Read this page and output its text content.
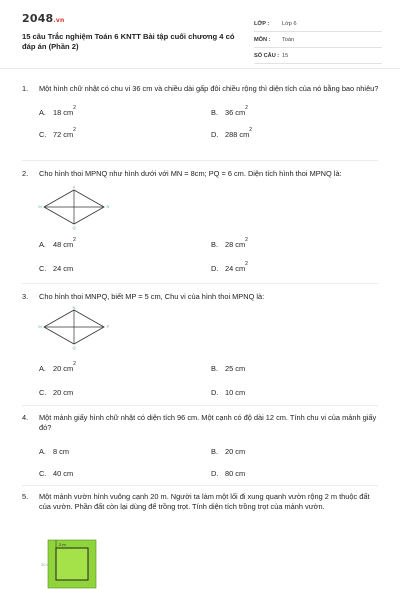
2048.vn
15 câu Trắc nghiệm Toán 6 KNTT Bài tập cuối chương 4 có đáp án (Phần 2)
LỚP :	Lớp 6
MÔN :	Toán
SỐ CÂU : 15
1.	Một hình chữ nhật có chu vi 36 cm và chiều dài gấp đôi chiều rộng thì diện tích của nó bằng bao nhiêu?
A. 18 cm 2	B. 36 cm 2
C. 72 cm 2	D. 288 cm 2
2.	Cho hình thoi MPNQ như hình dưới với MN = 8cm; PQ = 6 cm. Diện tích hình thoi MPNQ là:
P
Q
M	N
A. 48 cm 2	B. 28 cm 2
C. 24 cm	D. 24 cm 2
3.	Cho hình thoi MNPQ, biết MP = 5 cm, Chu vi của hình thoi MPNQ là:
N
Q
M	P
A. 20 cm 2	B. 25 cm
C. 20 cm	D. 10 cm
4.	Một mảnh giấy hình chữ nhật có diện tích 96 cm. Một cạnh có độ dài 12 cm. Tính chu vi của mảnh giấy đó?
A. 8 cm	B. 20 cm
C. 40 cm	D. 80 cm
5.	Một mảnh vườn hình vuông cạnh 20 m. Người ta làm một lối đi xung quanh vườn rộng 2 m thuộc đất của vườn. Phần đất còn lại dùng để trồng trọt. Tính diện tích trồng trọt của mảnh vườn.
2 m
20 m
